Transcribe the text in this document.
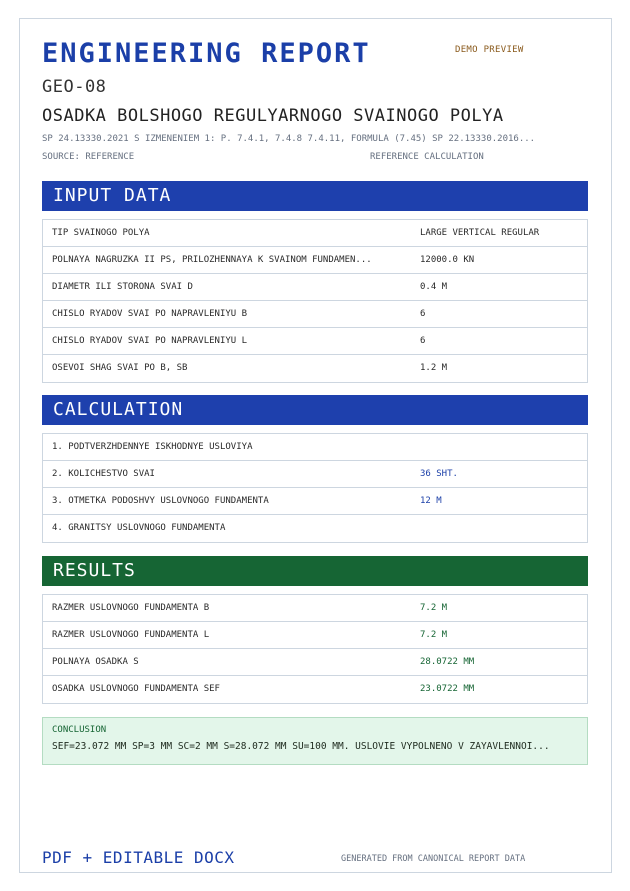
ENGINEERING REPORT	DEMO PREVIEW
GEO-08
OSADKA BOLSHOGO REGULYARNOGO SVAINOGO POLYA
SP 24.13330.2021 S IZMENENIEM 1: P. 7.4.1, 7.4.8 7.4.11, FORMULA (7.45) SP 22.13330.2016...
SOURCE: REFERENCE	REFERENCE CALCULATION
INPUT DATA
TIP SVAINOGO POLYA	LARGE VERTICAL REGULAR
POLNAYA NAGRUZKA II PS, PRILOZHENNAYA K SVAINOM FUNDAMEN...	12000.0 KN
DIAMETR ILI STORONA SVAI D	0.4 M
CHISLO RYADOV SVAI PO NAPRAVLENIYU B	6
CHISLO RYADOV SVAI PO NAPRAVLENIYU L	6
OSEVOI SHAG SVAI PO B, SB	1.2 M
CALCULATION
1. PODTVERZHDENNYE ISKHODNYE USLOVIYA
2. KOLICHESTVO SVAI	36 SHT.
3. OTMETKA PODOSHVY USLOVNOGO FUNDAMENTA	12 M
4. GRANITSY USLOVNOGO FUNDAMENTA
RESULTS
RAZMER USLOVNOGO FUNDAMENTA B	7.2 M
RAZMER USLOVNOGO FUNDAMENTA L	7.2 M
POLNAYA OSADKA S	28.0722 MM
OSADKA USLOVNOGO FUNDAMENTA SEF	23.0722 MM
CONCLUSION
SEF=23.072 MM SP=3 MM SC=2 MM S=28.072 MM SU=100 MM. USLOVIE VYPOLNENO V ZAYAVLENNOI...
PDF + EDITABLE DOCX	GENERATED FROM CANONICAL REPORT DATA
